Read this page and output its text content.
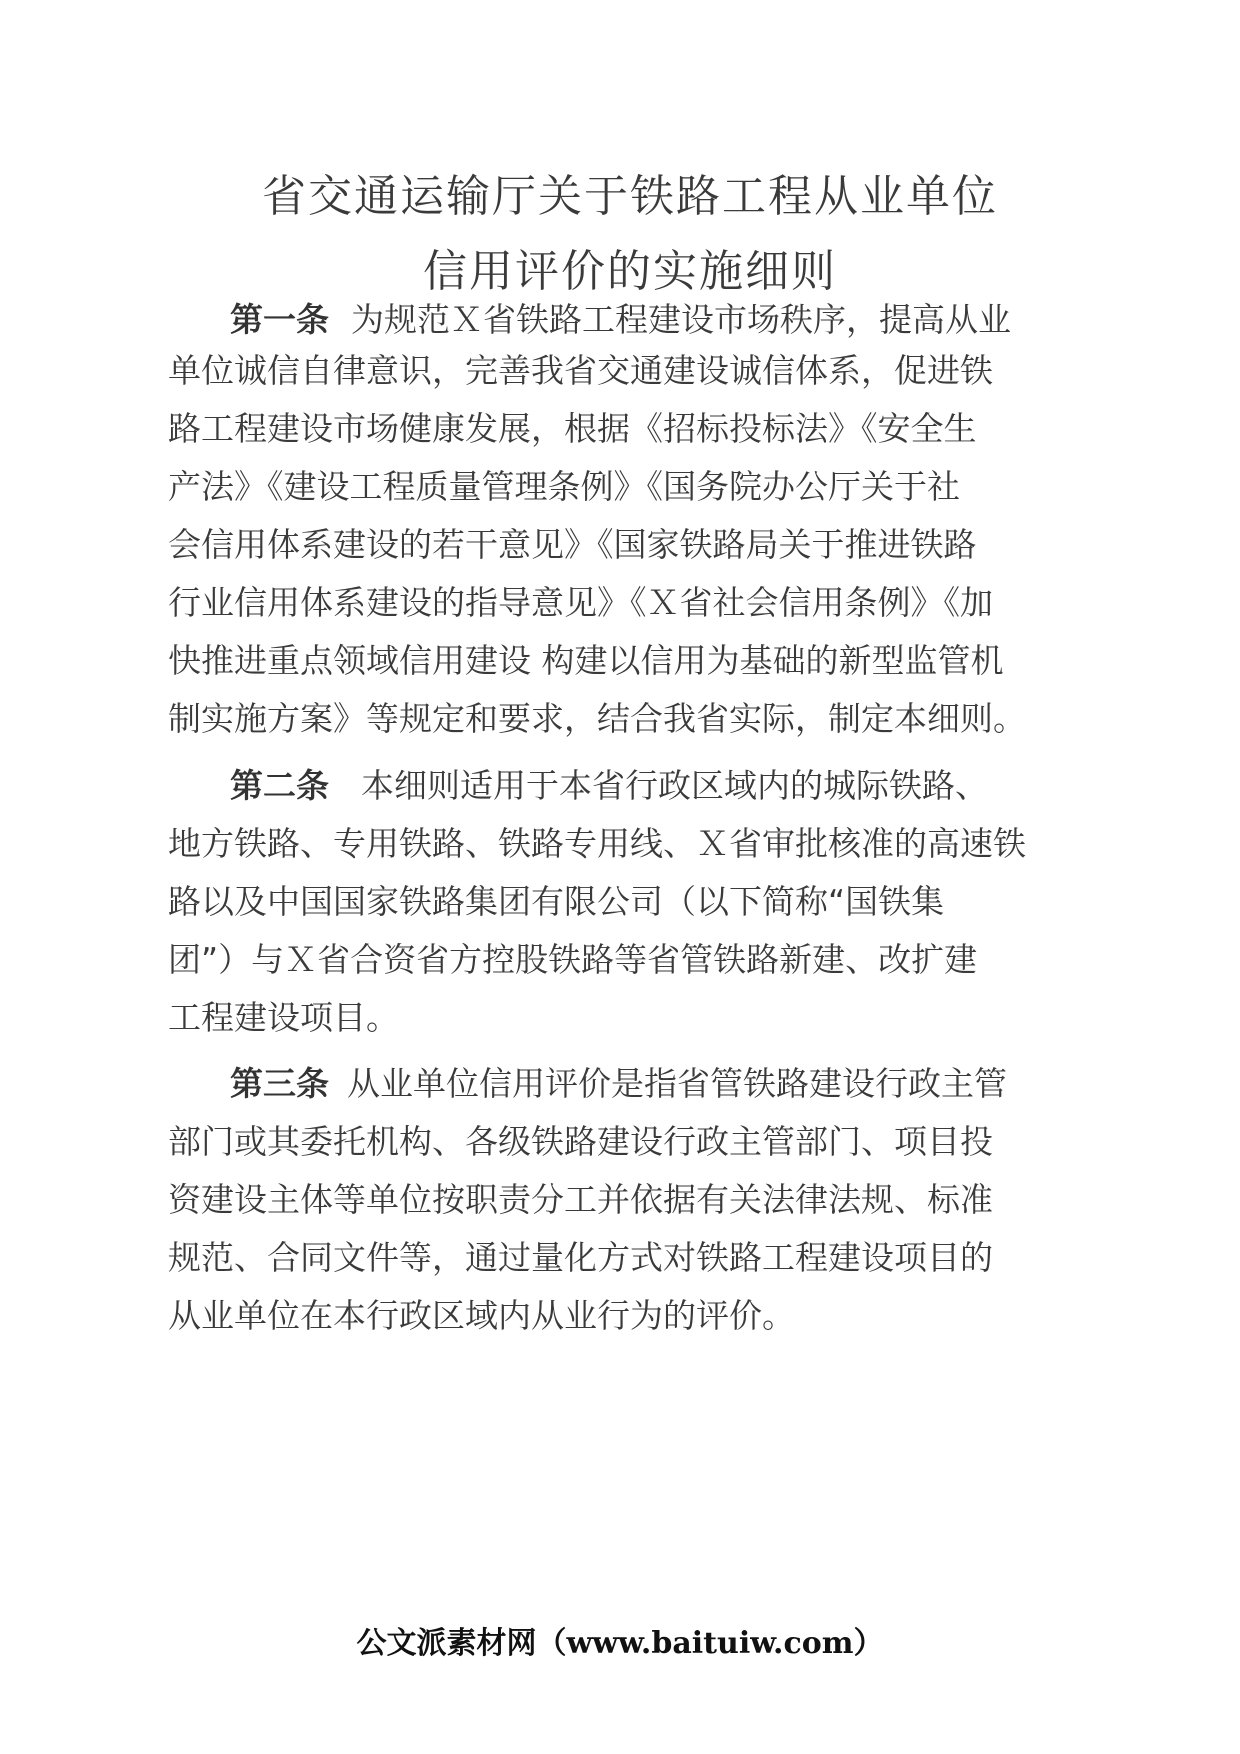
省交通运输厅关于铁路工程从业单位
信用评价的实施细则
第一条 为规范Ｘ省铁路工程建设市场秩序，提高从业
单位诚信自律意识，完善我省交通建设诚信体系，促进铁
路工程建设市场健康发展，根据《招标投标法》《安全生
产法》《建设工程质量管理条例》《国务院办公厅关于社
会信用体系建设的若干意见》《国家铁路局关于推进铁路
行业信用体系建设的指导意见》《Ｘ省社会信用条例》《加
快推进重点领域信用建设 构建以信用为基础的新型监管机
制实施方案》等规定和要求，结合我省实际，制定本细则。
第二条 本细则适用于本省行政区域内的城际铁路、
地方铁路、专用铁路、铁路专用线、Ｘ省审批核准的高速铁
路以及中国国家铁路集团有限公司（以下简称“国铁集
团”）与Ｘ省合资省方控股铁路等省管铁路新建、改扩建
工程建设项目。
第三条 从业单位信用评价是指省管铁路建设行政主管
部门或其委托机构、各级铁路建设行政主管部门、项目投
资建设主体等单位按职责分工并依据有关法律法规、标准
规范、合同文件等，通过量化方式对铁路工程建设项目的
从业单位在本行政区域内从业行为的评价。
公文派素材网（www.baituiw.com）
